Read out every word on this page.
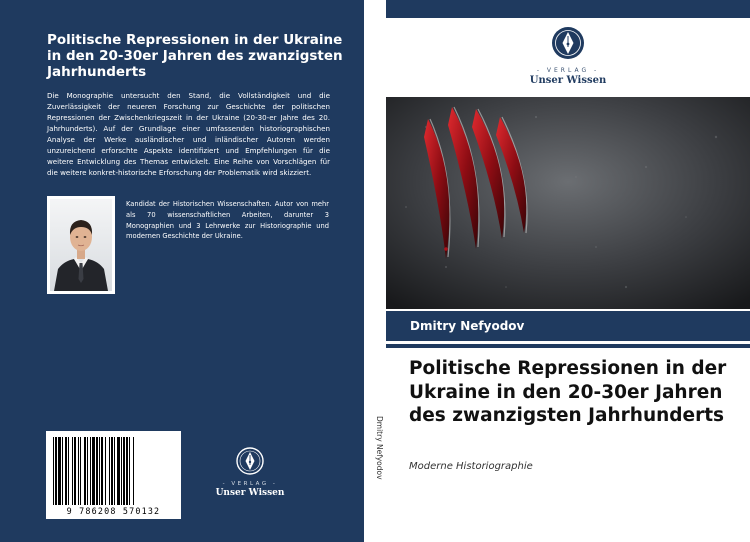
Politische Repressionen in der Ukraine in den 20-30er Jahren des zwanzigsten Jahrhunderts
Die Monographie untersucht den Stand, die Vollständigkeit und die Zuverlässigkeit der neueren Forschung zur Geschichte der politischen Repressionen der Zwischenkriegszeit in der Ukraine (20-30-er Jahre des 20. Jahrhunderts). Auf der Grundlage einer umfassenden historiographischen Analyse der Werke ausländischer und inländischer Autoren werden unzureichend erforschte Aspekte identifiziert und Empfehlungen für die weitere Entwicklung des Themas entwickelt. Eine Reihe von Vorschlägen für die weitere konkret-historische Erforschung der Problematik wird skizziert.
Kandidat der Historischen Wissenschaften. Autor von mehr als 70 wissenschaftlichen Arbeiten, darunter 3 Monographien und 3 Lehrwerke zur Historiographie und modernen Geschichte der Ukraine.
9 786208 570132
- VERLAG -
Unser Wissen
Dmitry Nefyodov
- VERLAG -
Unser Wissen
Dmitry Nefyodov
Politische Repressionen in der Ukraine in den 20-30er Jahren des zwanzigsten Jahrhunderts
Moderne Historiographie
